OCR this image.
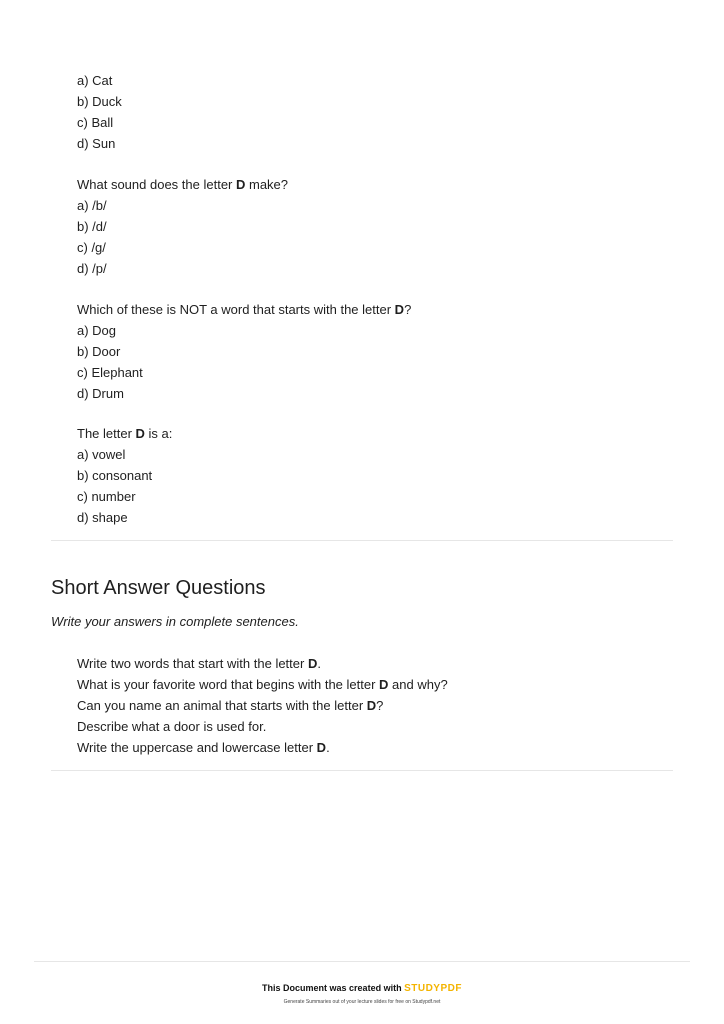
a) Cat
b) Duck
c) Ball
d) Sun
What sound does the letter D make?
a) /b/
b) /d/
c) /g/
d) /p/
Which of these is NOT a word that starts with the letter D?
a) Dog
b) Door
c) Elephant
d) Drum
The letter D is a:
a) vowel
b) consonant
c) number
d) shape
Short Answer Questions
Write your answers in complete sentences.
Write two words that start with the letter D.
What is your favorite word that begins with the letter D and why?
Can you name an animal that starts with the letter D?
Describe what a door is used for.
Write the uppercase and lowercase letter D.
This Document was created with STUDYPDF
Generate Summaries out of your lecture slides for free on Studypdf.net
